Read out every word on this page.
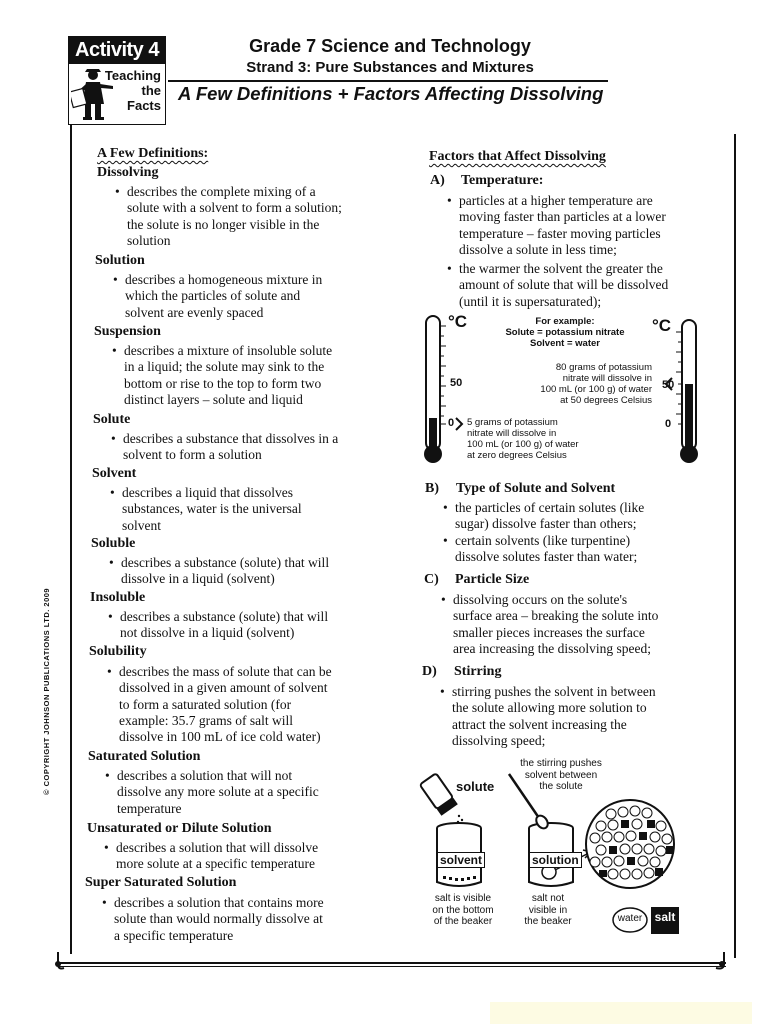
Activity 4
Teaching
the
Facts
Grade 7 Science and Technology
Strand 3: Pure Substances and Mixtures
A Few Definitions + Factors Affecting Dissolving
© COPYRIGHT JOHNSON PUBLICATIONS LTD. 2009
A Few Definitions:
Dissolving
• describes the complete mixing of a
solute with a solvent to form a solution;
the solute is no longer visible in the
solution
Solution
• describes a homogeneous mixture in
which the particles of solute and
solvent are evenly spaced
Suspension
• describes a mixture of insoluble solute
in a liquid; the solute may sink to the
bottom or rise to the top to form two
distinct layers – solute and liquid
Solute
• describes a substance that dissolves in a
solvent to form a solution
Solvent
• describes a liquid that dissolves
substances, water is the universal
solvent
Soluble
• describes a substance (solute) that will
dissolve in a liquid (solvent)
Insoluble
• describes a substance (solute) that will
not dissolve in a liquid (solvent)
Solubility
• describes the mass of solute that can be
dissolved in a given amount of solvent
to form a saturated solution (for
example: 35.7 grams of salt will
dissolve in 100 mL of ice cold water)
Saturated Solution
• describes a solution that will not
dissolve any more solute at a specific
temperature
Unsaturated or Dilute Solution
• describes a solution that will dissolve
more solute at a specific temperature
Super Saturated Solution
• describes a solution that contains more
solute than would normally dissolve at
a specific temperature
Factors that Affect Dissolving
A) Temperature:
• particles at a higher temperature are
moving faster than particles at a lower
temperature – faster moving particles
dissolve a solute in less time;
• the warmer the solvent the greater the
amount of solute that will be dissolved
(until it is supersaturated);
°C	°C
For example:
Solute = potassium nitrate
Solvent = water
50
0
50
0
80 grams of potassium
nitrate will dissolve in
100 mL (or 100 g) of water
at 50 degrees Celsius
5 grams of potassium
nitrate will dissolve in
100 mL (or 100 g) of water
at zero degrees Celsius
B) Type of Solute and Solvent
• the particles of certain solutes (like
sugar) dissolve faster than others;
• certain solvents (like turpentine)
dissolve solutes faster than water;
C) Particle Size
• dissolving occurs on the solute's
surface area – breaking the solute into
smaller pieces increases the surface
area increasing the dissolving speed;
D) Stirring
• stirring pushes the solvent in between
the solute allowing more solution to
attract the solvent increasing the
dissolving speed;
solute
the stirring pushes
solvent between
the solute
solvent	solution
salt is visible
on the bottom
of the beaker
salt not
visible in
the beaker	water	salt
